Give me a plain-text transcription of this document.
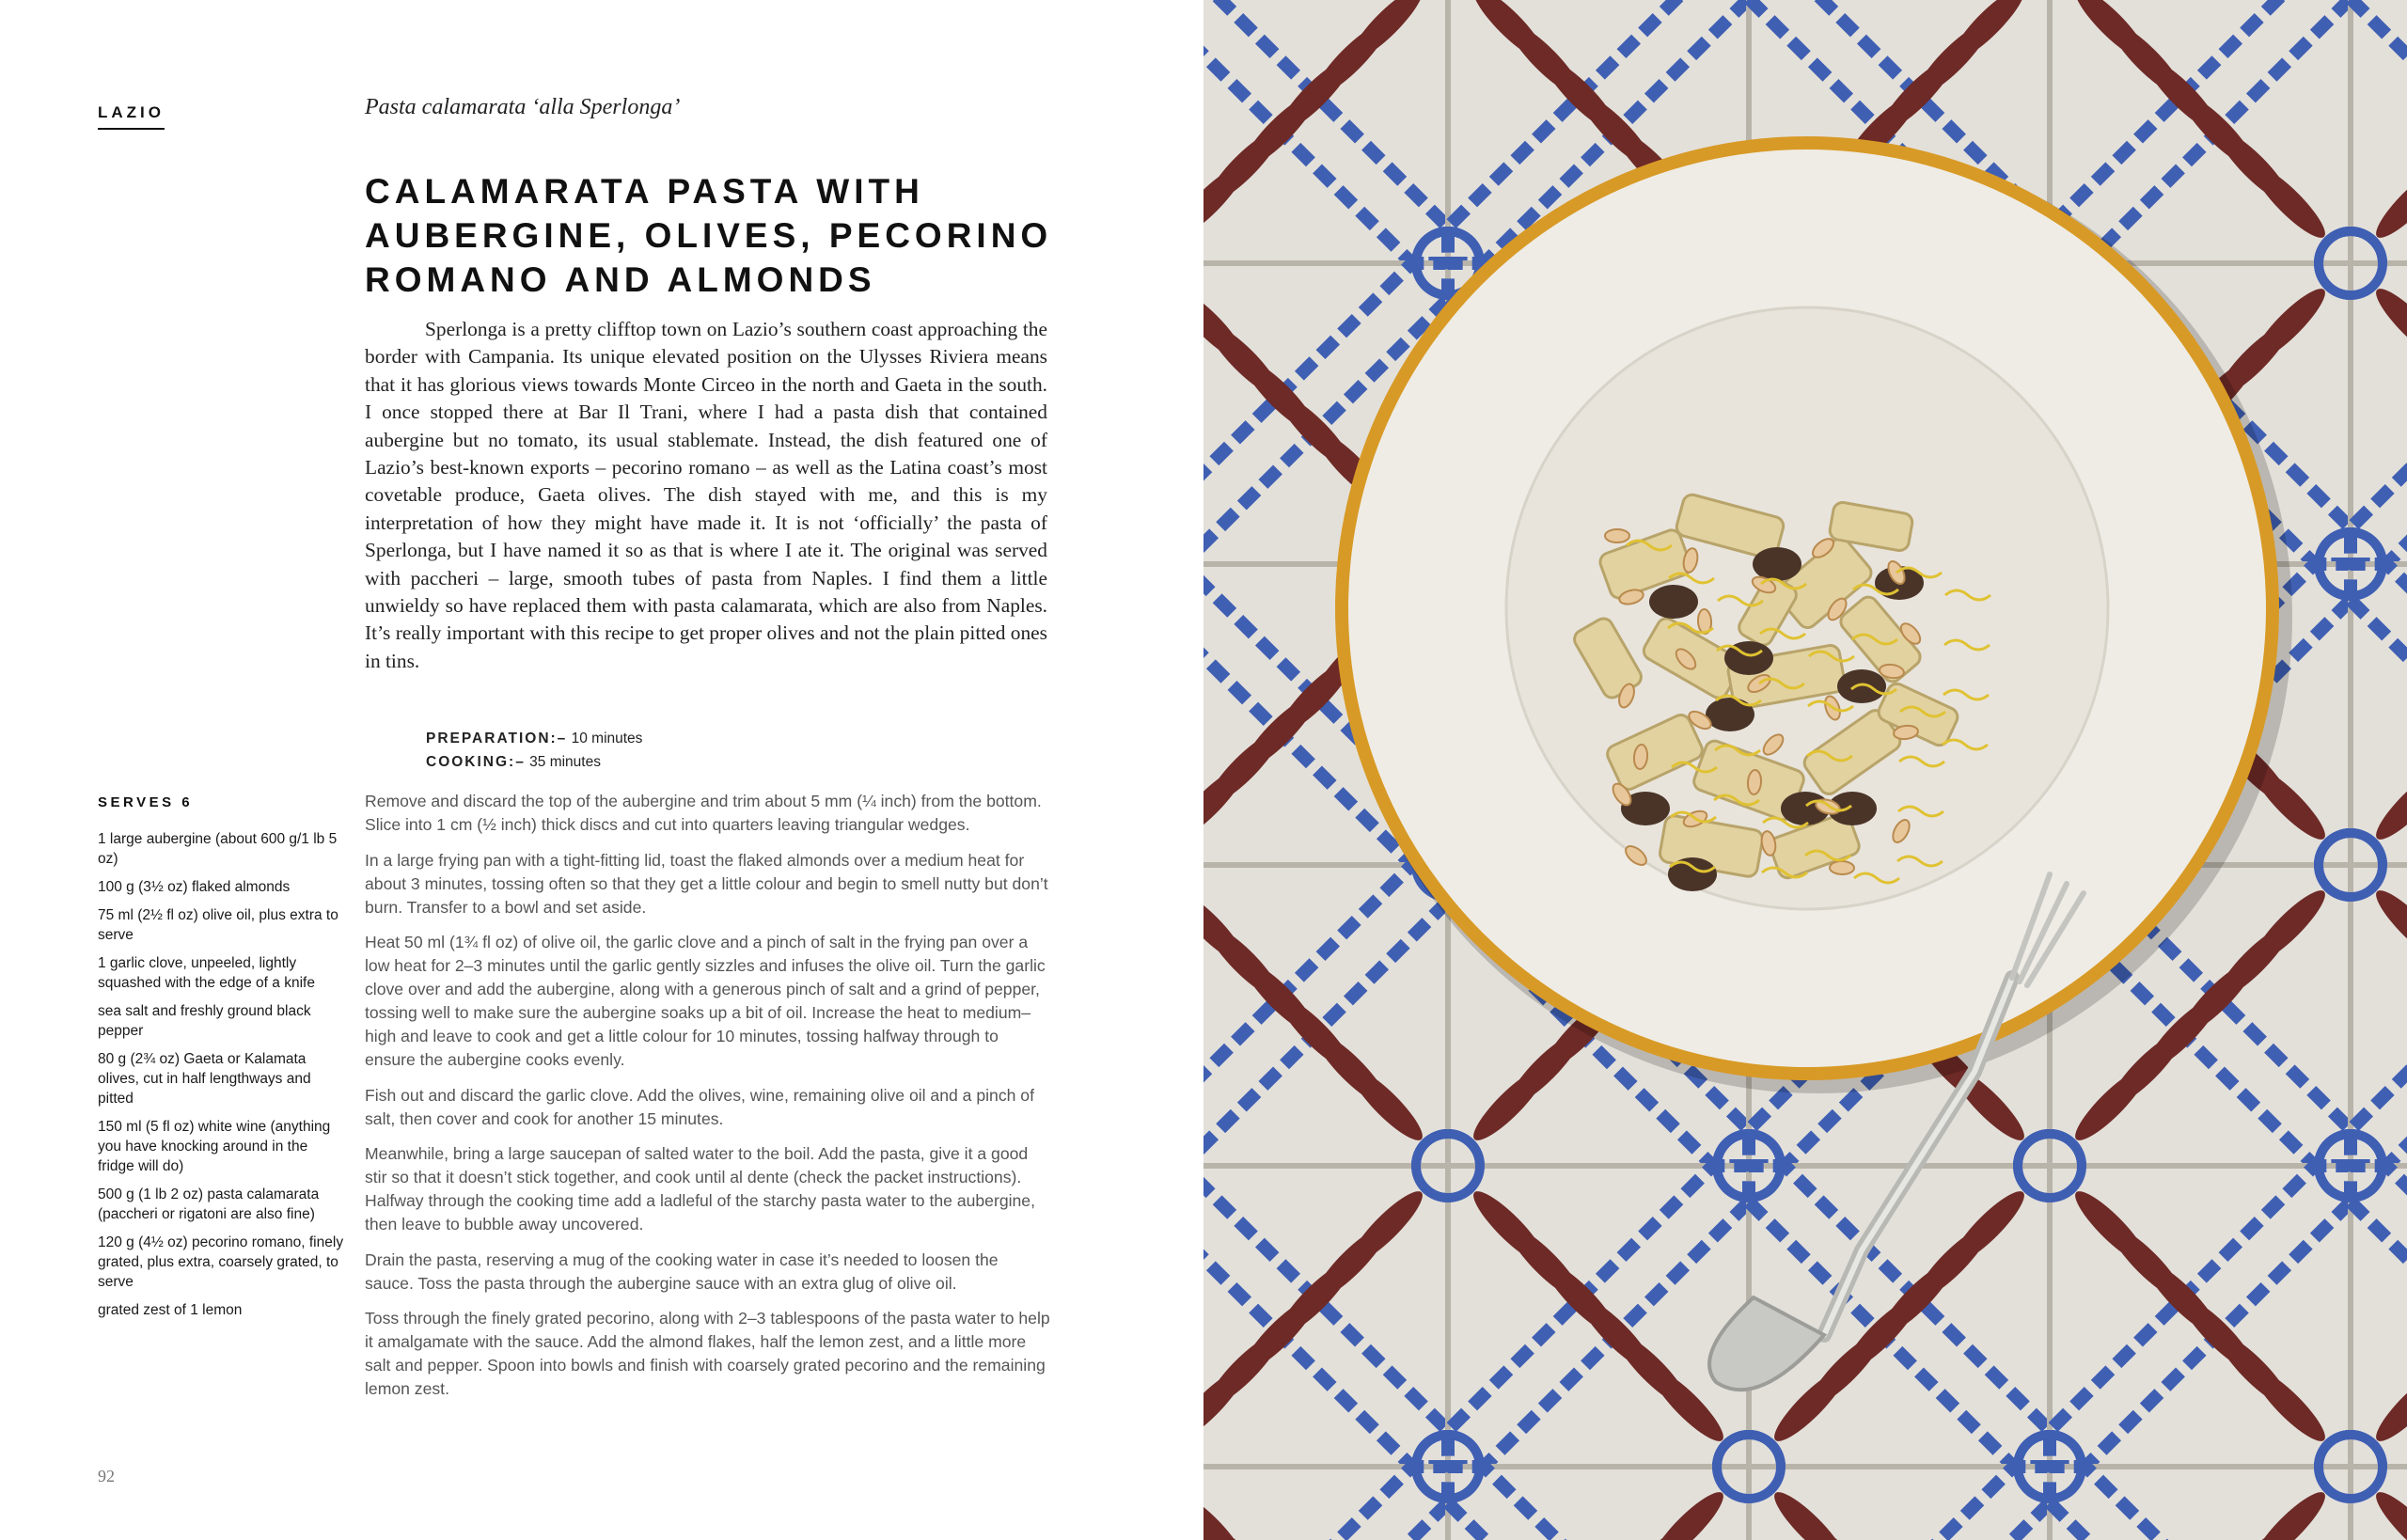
LAZIO	Pasta calamarata ‘alla Sperlonga’
CALAMARATA PASTA WITH AUBERGINE, OLIVES, PECORINO ROMANO AND ALMONDS

Sperlonga is a pretty clifftop town on Lazio’s southern coast approaching the border with Campania. Its unique elevated position on the Ulysses Riviera means that it has glorious views towards Monte Circeo in the north and Gaeta in the south. I once stopped there at Bar Il Trani, where I had a pasta dish that contained aubergine but no tomato, its usual stablemate. Instead, the dish featured one of Lazio’s best-known exports – pecorino romano – as well as the Latina coast’s most covetable produce, Gaeta olives. The dish stayed with me, and this is my interpretation of how they might have made it. It is not ‘officially’ the pasta of Sperlonga, but I have named it so as that is where I ate it. The original was served with paccheri – large, smooth tubes of pasta from Naples. I find them a little unwieldy so have replaced them with pasta calamarata, which are also from Naples. It’s really important with this recipe to get proper olives and not the plain pitted ones in tins.

PREPARATION:– 10 minutes
COOKING:– 35 minutes
SERVES 6
1 large aubergine (about 600 g/1 lb 5 oz)
100 g (3½ oz) flaked almonds
75 ml (2½ fl oz) olive oil, plus extra to serve
1 garlic clove, unpeeled, lightly squashed with the edge of a knife
sea salt and freshly ground black pepper
80 g (2¾ oz) Gaeta or Kalamata olives, cut in half lengthways and pitted
150 ml (5 fl oz) white wine (anything you have knocking around in the fridge will do)
500 g (1 lb 2 oz) pasta calamarata (paccheri or rigatoni are also fine)
120 g (4½ oz) pecorino romano, finely grated, plus extra, coarsely grated, to serve
grated zest of 1 lemon

Remove and discard the top of the aubergine and trim about 5 mm (¼ inch) from the bottom. Slice into 1 cm (½ inch) thick discs and cut into quarters leaving triangular wedges.

In a large frying pan with a tight-fitting lid, toast the flaked almonds over a medium heat for about 3 minutes, tossing often so that they get a little colour and begin to smell nutty but don’t burn. Transfer to a bowl and set aside.

Heat 50 ml (1¾ fl oz) of olive oil, the garlic clove and a pinch of salt in the frying pan over a low heat for 2–3 minutes until the garlic gently sizzles and infuses the olive oil. Turn the garlic clove over and add the aubergine, along with a generous pinch of salt and a grind of pepper, tossing well to make sure the aubergine soaks up a bit of oil. Increase the heat to medium–high and leave to cook and get a little colour for 10 minutes, tossing halfway through to ensure the aubergine cooks evenly.

Fish out and discard the garlic clove. Add the olives, wine, remaining olive oil and a pinch of salt, then cover and cook for another 15 minutes.

Meanwhile, bring a large saucepan of salted water to the boil. Add the pasta, give it a good stir so that it doesn’t stick together, and cook until al dente (check the packet instructions). Halfway through the cooking time add a ladleful of the starchy pasta water to the aubergine, then leave to bubble away uncovered.

Drain the pasta, reserving a mug of the cooking water in case it’s needed to loosen the sauce. Toss the pasta through the aubergine sauce with an extra glug of olive oil.

Toss through the finely grated pecorino, along with 2–3 tablespoons of the pasta water to help it amalgamate with the sauce. Add the almond flakes, half the lemon zest, and a little more salt and pepper. Spoon into bowls and finish with coarsely grated pecorino and the remaining lemon zest.

92
